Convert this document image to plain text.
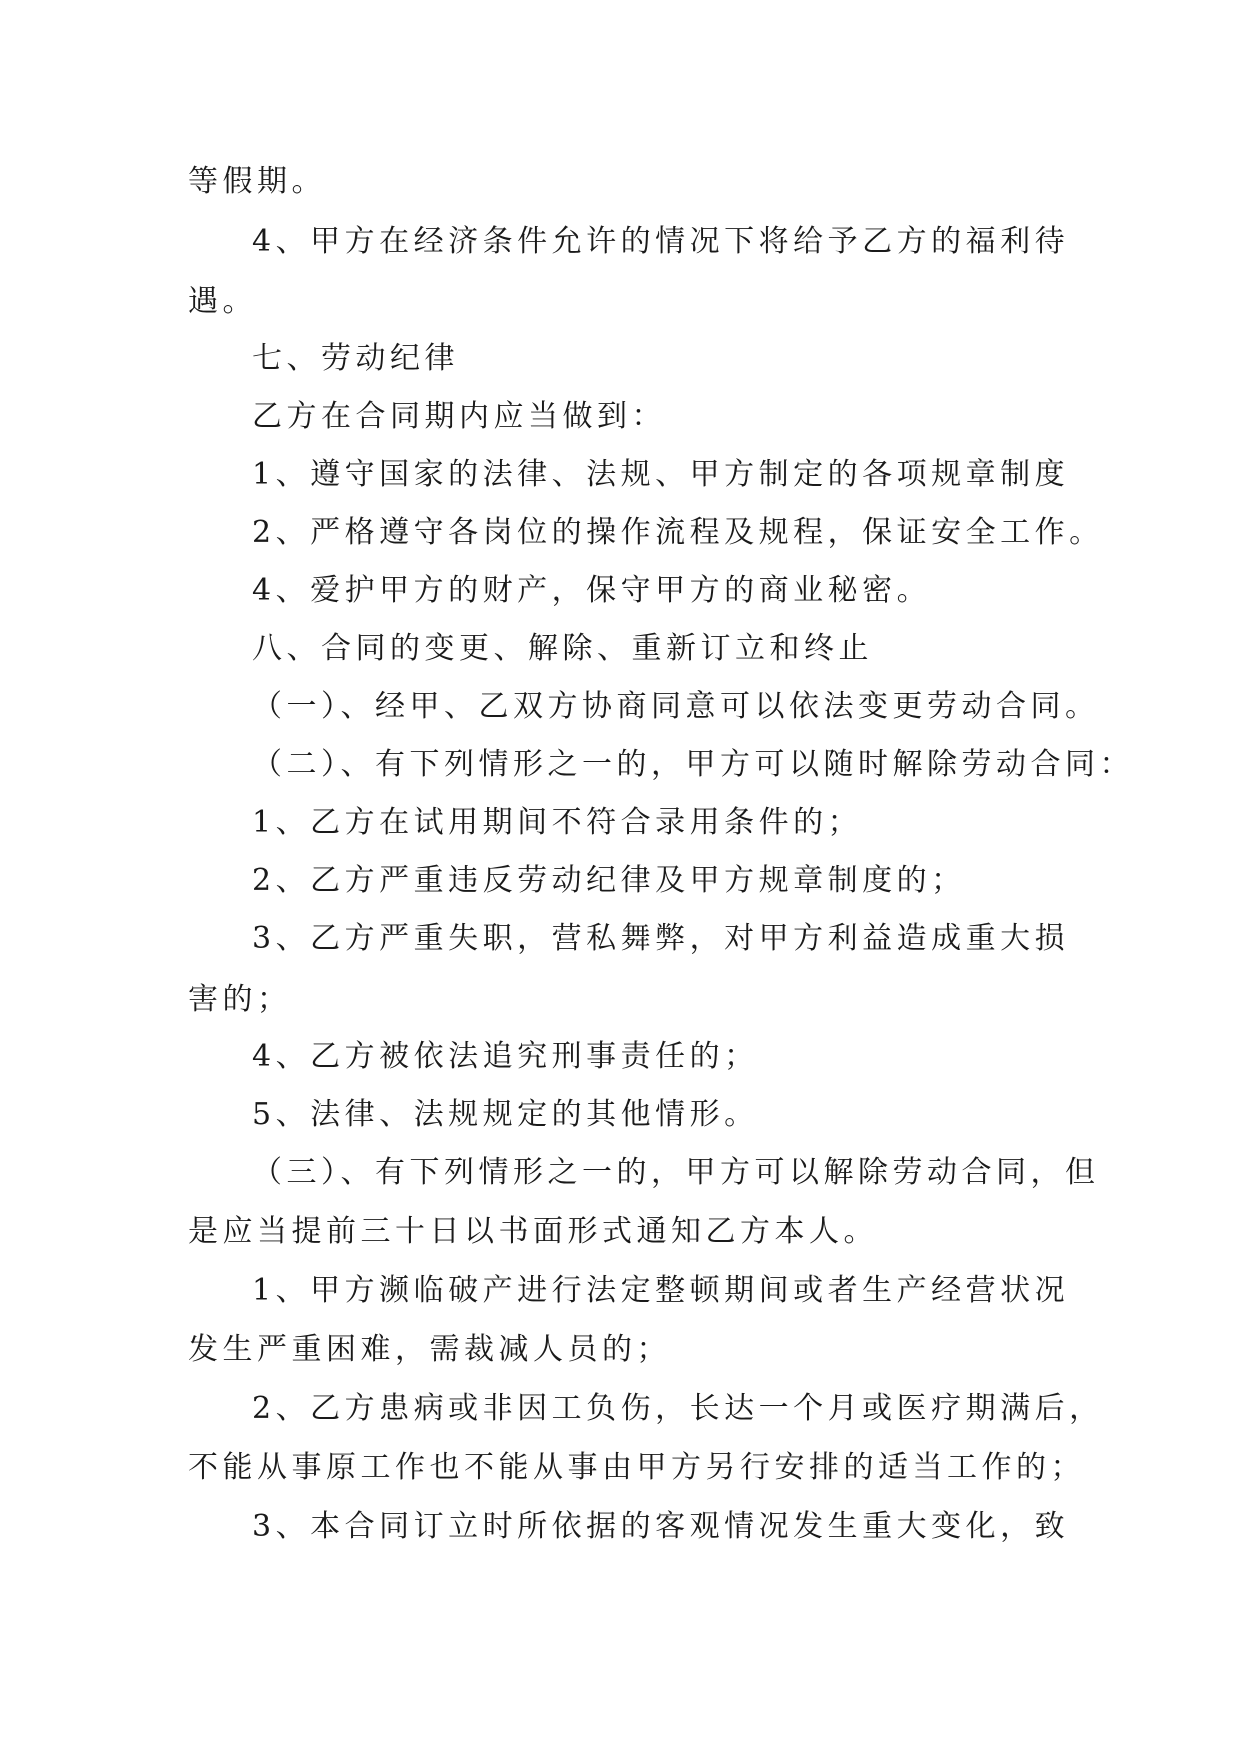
等假期。
4、甲方在经济条件允许的情况下将给予乙方的福利待
遇。
七、劳动纪律
乙方在合同期内应当做到：
1、遵守国家的法律、法规、甲方制定的各项规章制度
2、严格遵守各岗位的操作流程及规程，保证安全工作。
4、爱护甲方的财产，保守甲方的商业秘密。
八、合同的变更、解除、重新订立和终止
（一）、经甲、乙双方协商同意可以依法变更劳动合同。
（二）、有下列情形之一的，甲方可以随时解除劳动合同：
1、乙方在试用期间不符合录用条件的；
2、乙方严重违反劳动纪律及甲方规章制度的；
3、乙方严重失职，营私舞弊，对甲方利益造成重大损
害的；
4、乙方被依法追究刑事责任的；
5、法律、法规规定的其他情形。
（三）、有下列情形之一的，甲方可以解除劳动合同，但
是应当提前三十日以书面形式通知乙方本人。
1、甲方濒临破产进行法定整顿期间或者生产经营状况
发生严重困难，需裁减人员的；
2、乙方患病或非因工负伤，长达一个月或医疗期满后，
不能从事原工作也不能从事由甲方另行安排的适当工作的；
3、本合同订立时所依据的客观情况发生重大变化，致
